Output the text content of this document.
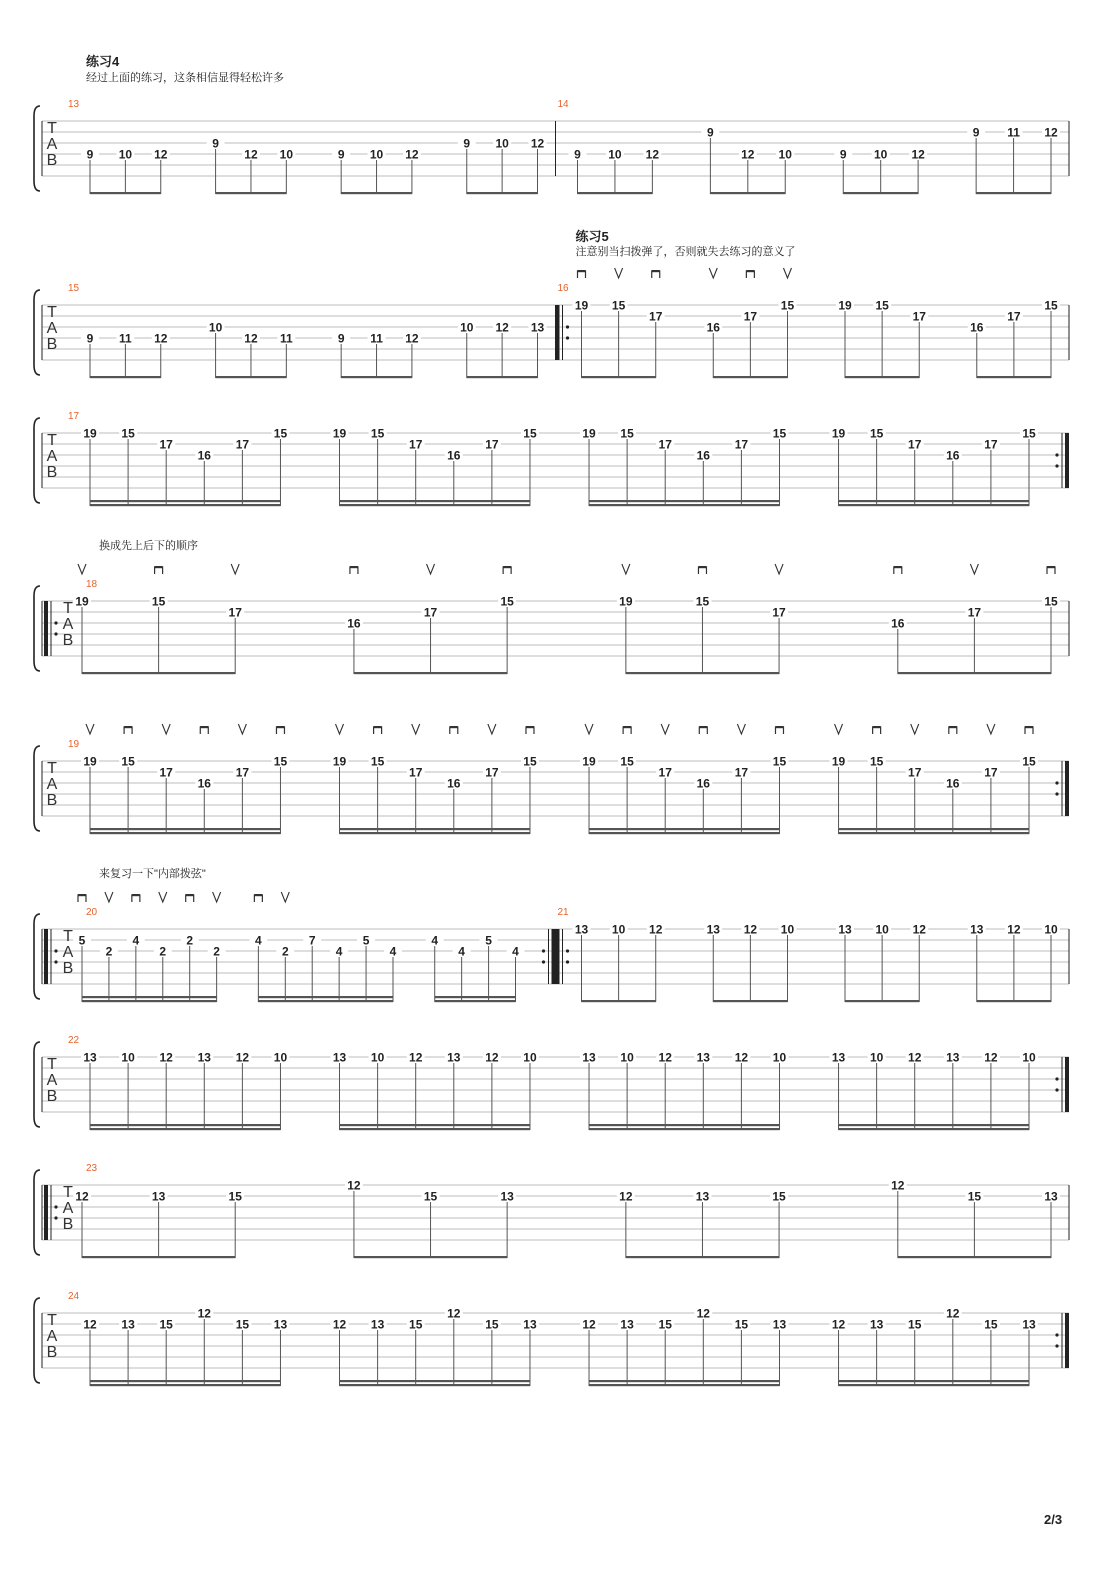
T
A
B
13
9 10 12
9
12 10	9 10 12
9 10 12
14
9 10 12
9
12 10	9 10 12
9 11 12
练习4
经过上面的练习，这条相信显得轻松许多
T
A
B
15
9 11 12
10
12 11	9 11 12
10 12 13
16
19 15
17
16
17
15	19 15
17
16
17
15
练习5
注意别当扫拨弹了，否则就失去练习的意义了
T
A
B
17
19 15
17
16
17
15	19 15
17
16
17
15	19 15
17
16
17
15	19 15
17
16
17
15
T
A
B
18
19	15
17
16
17
15	19	15
17
16
17
15
换成先上后下的顺序
T
A
B
19
19 15
17
16
17
15	19 15
17
16
17
15	19 15
17
16
17
15	19 15
17
16
17
15
T
A
B
20
5
2
4
2
2
2
4
2
7
4
5
4
4
4
5
4
21
13 10 12	13 12 10	13 10 12	13 12 10
来复习一下"内部拨弦"
T
A
B
22
13 10 12 13 12 10	13 10 12 13 12 10	13 10 12 13 12 10	13 10 12 13 12 10
T
A
B
23
12	13	15
12
15	13	12	13	15
12
15	13
T
A
B
24
12 13 15
12
15 13	12 13 15
12
15 13	12 13 15
12
15 13	12 13 15
12
15 13
2/3
